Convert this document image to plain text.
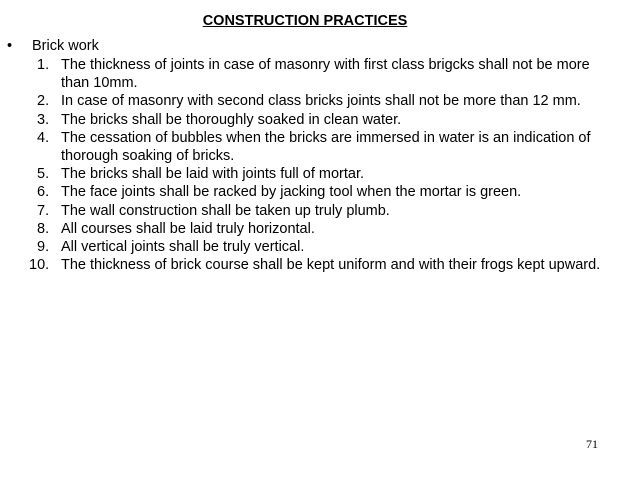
CONSTRUCTION PRACTICES
•	Brick work
1. The thickness of joints in case of masonry with first class brigcks shall not be more than 10mm.
2. In case of masonry with second class bricks joints shall not be more than 12 mm.
3. The bricks shall be thoroughly soaked in clean water.
4. The cessation of bubbles when the bricks are immersed in water is an indication of thorough soaking of bricks.
5. The bricks shall be laid with joints full of mortar.
6. The face joints shall be racked by jacking tool when the mortar is green.
7. The wall construction shall be taken up truly plumb.
8. All courses shall be laid truly horizontal.
9. All vertical joints shall be truly vertical.
10. The thickness of brick course shall be kept uniform and with their frogs kept upward.
71
